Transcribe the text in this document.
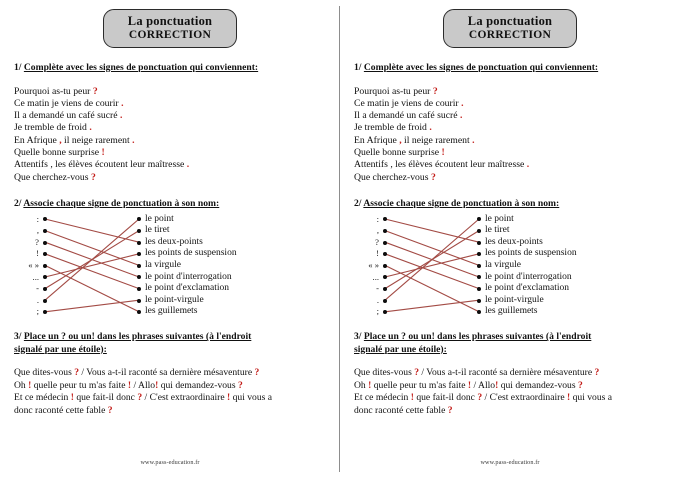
La ponctuation
CORRECTION
1/ Complète avec les signes de ponctuation qui conviennent:
Pourquoi as-tu peur ?
Ce matin je viens de courir .
Il a demandé un café sucré .
Je tremble de froid .
En Afrique , il neige rarement .
Quelle bonne surprise !
Attentifs , les élèves écoutent leur maîtresse .
Que cherchez-vous ?
2/ Associe chaque signe de ponctuation à son nom:
:
,
?
!
« »
...
-
.
;
le point
le tiret
les deux-points
les points de suspension
la virgule
le point d'interrogation
le point d'exclamation
le point-virgule
les guillemets
3/ Place un ? ou un! dans les phrases suivantes (à l'endroit
signalé par une étoile):
Que dites-vous ? / Vous a-t-il raconté sa dernière mésaventure ?
Oh ! quelle peur tu m'as faite ! / Allo! qui demandez-vous ?
Et ce médecin ! que fait-il donc ? / C'est extraordinaire ! qui vous a
donc raconté cette fable ?
www.pass-education.fr
La ponctuation
CORRECTION
1/ Complète avec les signes de ponctuation qui conviennent:
Pourquoi as-tu peur ?
Ce matin je viens de courir .
Il a demandé un café sucré .
Je tremble de froid .
En Afrique , il neige rarement .
Quelle bonne surprise !
Attentifs , les élèves écoutent leur maîtresse .
Que cherchez-vous ?
2/ Associe chaque signe de ponctuation à son nom:
:
,
?
!
« »
...
-
.
;
le point
le tiret
les deux-points
les points de suspension
la virgule
le point d'interrogation
le point d'exclamation
le point-virgule
les guillemets
3/ Place un ? ou un! dans les phrases suivantes (à l'endroit
signalé par une étoile):
Que dites-vous ? / Vous a-t-il raconté sa dernière mésaventure ?
Oh ! quelle peur tu m'as faite ! / Allo! qui demandez-vous ?
Et ce médecin ! que fait-il donc ? / C'est extraordinaire ! qui vous a
donc raconté cette fable ?
www.pass-education.fr
